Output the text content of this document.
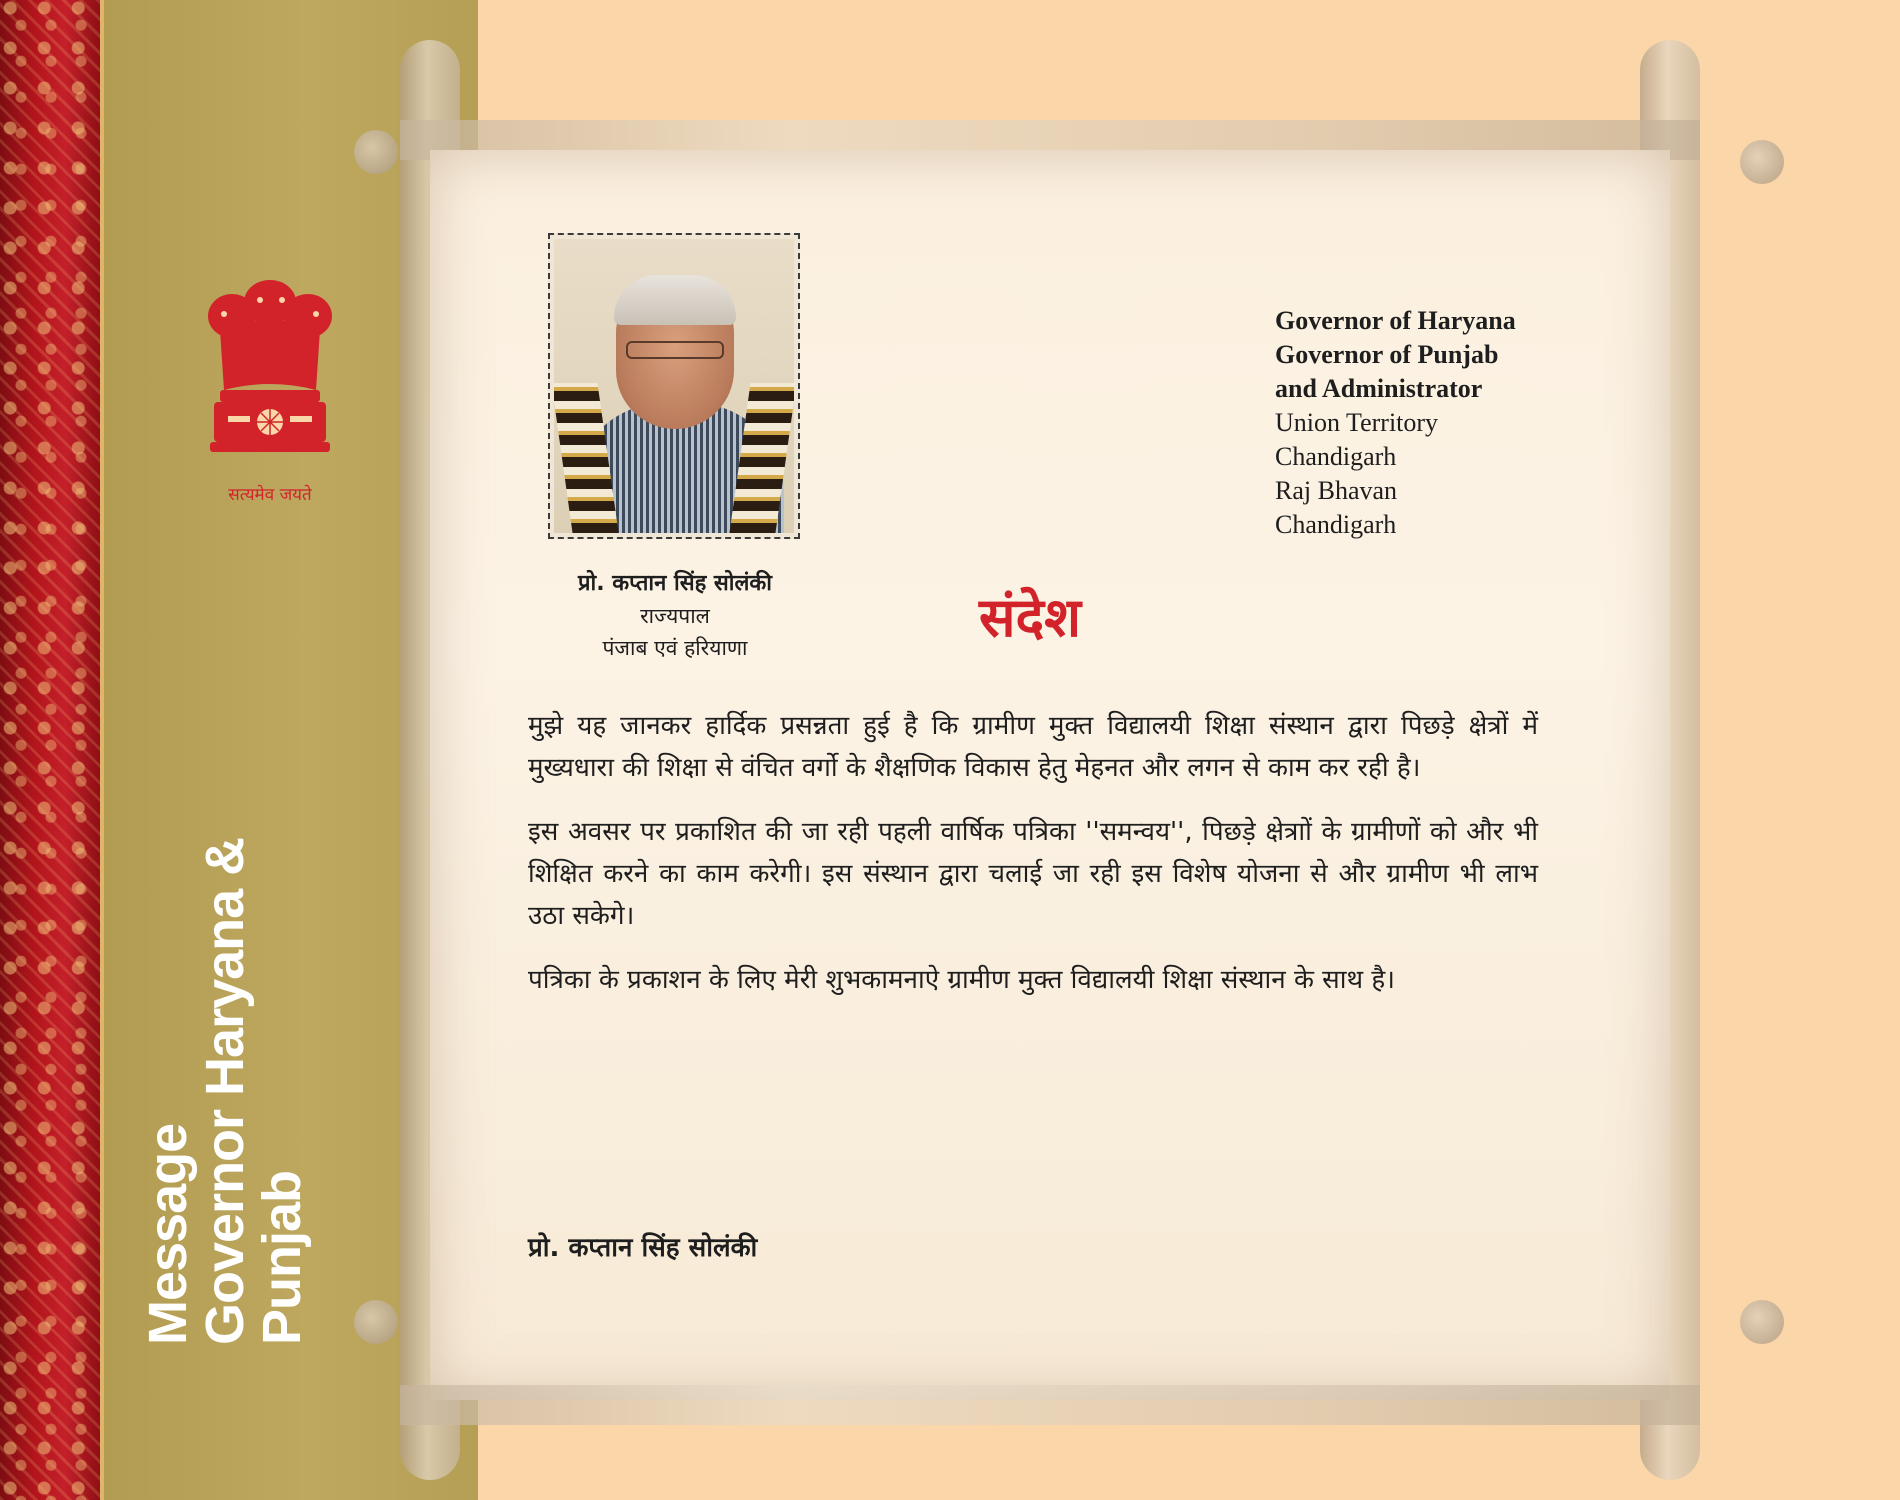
सत्यमेव जयते
Message
Governor Haryana &
Punjab
प्रो. कप्तान सिंह सोलंकी
राज्यपाल
पंजाब एवं हरियाणा
Governor of Haryana
Governor of Punjab
and Administrator
Union Territory
Chandigarh
Raj Bhavan
Chandigarh
संदेश

मुझे यह जानकर हार्दिक प्रसन्नता हुई है कि ग्रामीण मुक्त विद्यालयी शिक्षा संस्थान द्वारा पिछड़े क्षेत्रों में मुख्यधारा की शिक्षा से वंचित वर्गो के शैक्षणिक विकास हेतु मेहनत और लगन से काम कर रही है।

इस अवसर पर प्रकाशित की जा रही पहली वार्षिक पत्रिका ''समन्वय'', पिछड़े क्षेत्राों के ग्रामीणों को और भी शिक्षित करने का काम करेगी। इस संस्थान द्वारा चलाई जा रही इस विशेष योजना से और ग्रामीण भी लाभ उठा सकेगे।

पत्रिका के प्रकाशन के लिए मेरी शुभकामनाऐ ग्रामीण मुक्त विद्यालयी शिक्षा संस्थान के साथ है।

प्रो. कप्तान सिंह सोलंकी
